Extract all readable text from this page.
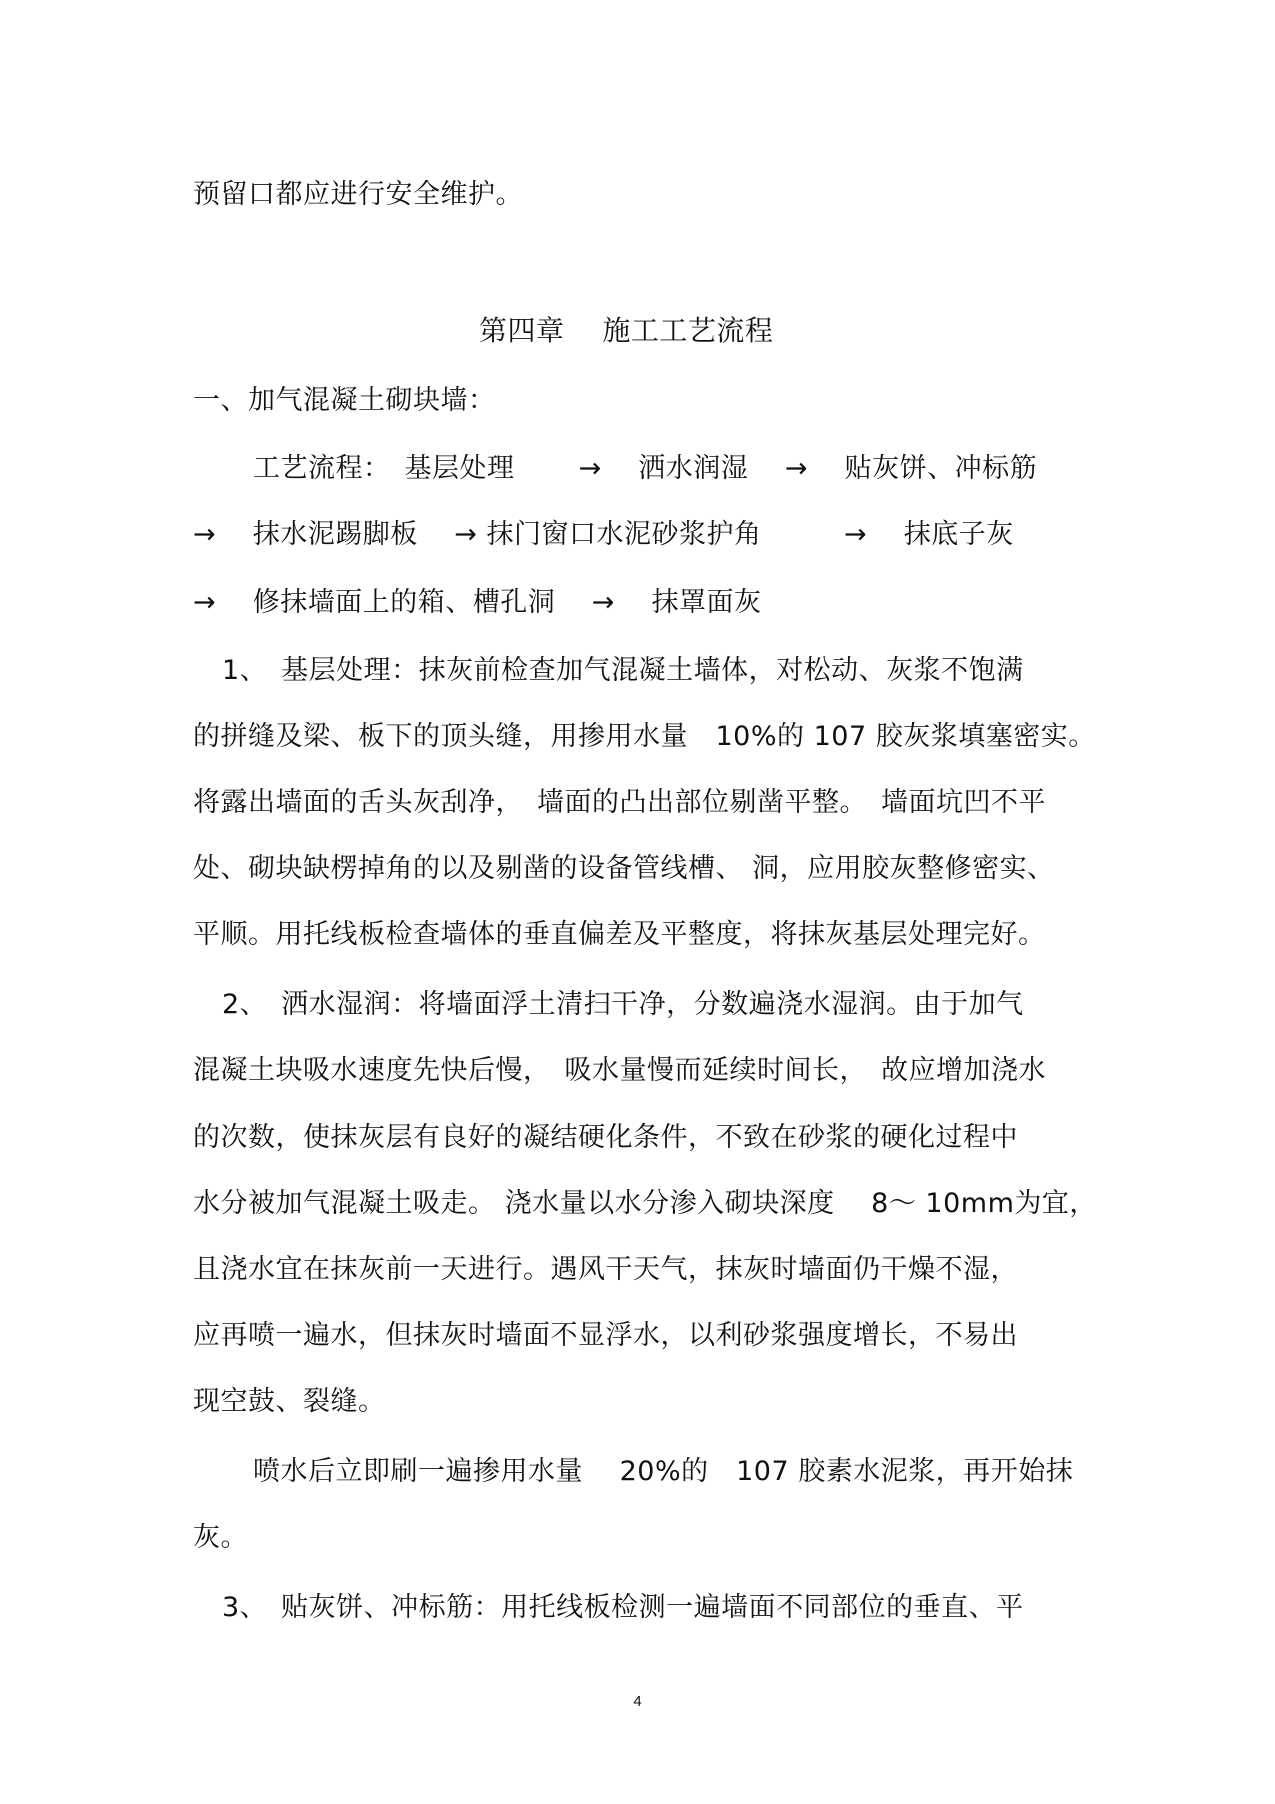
预留口都应进行安全维护。
第四章　 施工工艺流程
一、加气混凝土砌块墙：
工艺流程：　基层处理　　 →　 洒水润湿　 →　 贴灰饼、冲标筋
→　 抹水泥踢脚板　 → 抹门窗口水泥砂浆护角　　　→　 抹底子灰
→　 修抹墙面上的箱、槽孔洞　 →　 抹罩面灰
1、　基层处理：抹灰前检查加气混凝土墙体，对松动、灰浆不饱满
的拼缝及梁、板下的顶头缝，用掺用水量　10%的 107 胶灰浆填塞密实。
将露出墙面的舌头灰刮净，　墙面的凸出部位剔凿平整。　墙面坑凹不平
处、砌块缺楞掉角的以及剔凿的设备管线槽、 洞，应用胶灰整修密实、
平顺。用托线板检查墙体的垂直偏差及平整度，将抹灰基层处理完好。
2、　洒水湿润：将墙面浮土清扫干净，分数遍浇水湿润。由于加气
混凝土块吸水速度先快后慢，　吸水量慢而延续时间长，　故应增加浇水
的次数，使抹灰层有良好的凝结硬化条件，不致在砂浆的硬化过程中
水分被加气混凝土吸走。 浇水量以水分渗入砌块深度　 8～ 10mm为宜，
且浇水宜在抹灰前一天进行。遇风干天气，抹灰时墙面仍干燥不湿，
应再喷一遍水，但抹灰时墙面不显浮水，以利砂浆强度增长，不易出
现空鼓、裂缝。
喷水后立即刷一遍掺用水量　 20%的　107 胶素水泥浆，再开始抹
灰。
3、　贴灰饼、冲标筋：用托线板检测一遍墙面不同部位的垂直、平
4
